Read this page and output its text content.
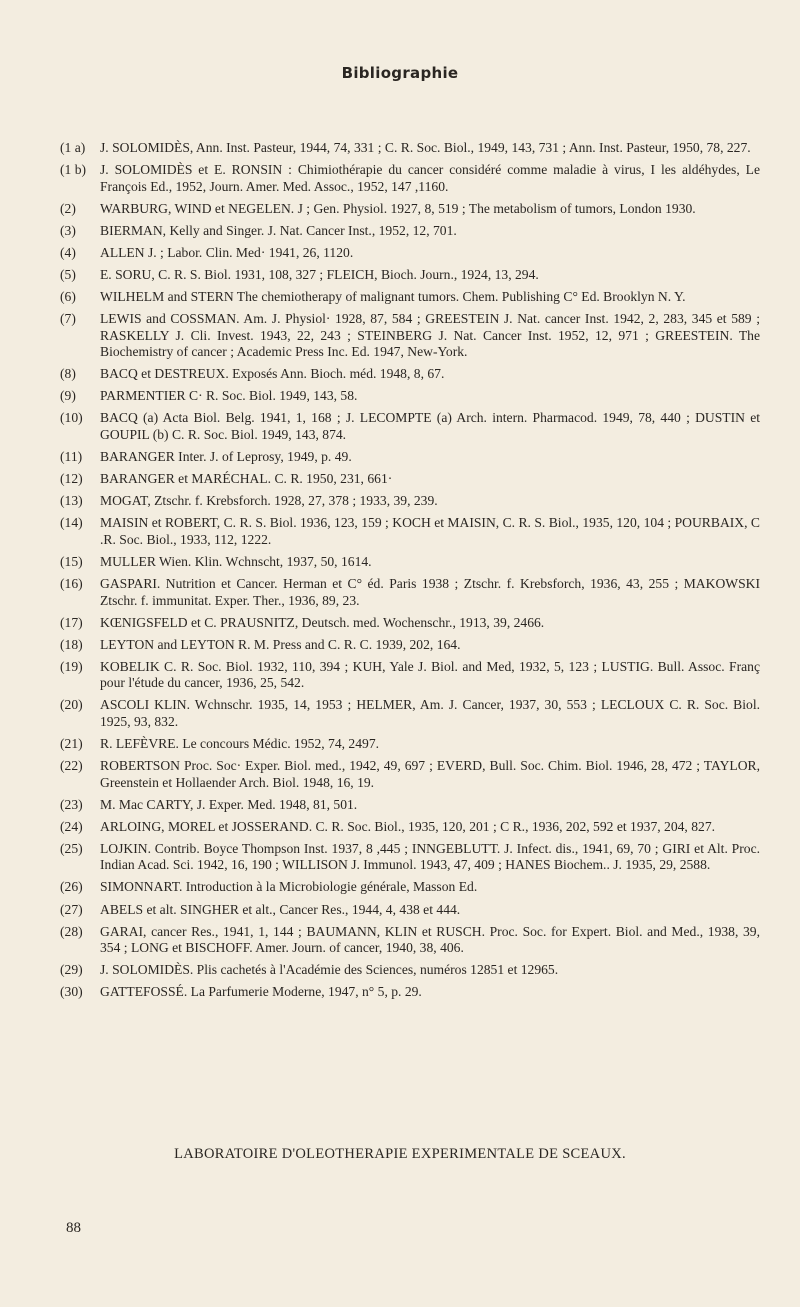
Bibliographie
(1 a)	J. SOLOMIDÈS, Ann. Inst. Pasteur, 1944, 74, 331 ; C. R. Soc. Biol., 1949, 143, 731 ; Ann. Inst. Pasteur, 1950, 78, 227.
(1 b)	J. SOLOMIDÈS et E. RONSIN : Chimiothérapie du cancer considéré comme maladie à virus, I les aldéhydes, Le François Ed., 1952, Journ. Amer. Med. Assoc., 1952, 147 ,1160.
(2)	WARBURG, WIND et NEGELEN. J ; Gen. Physiol. 1927, 8, 519 ; The metabolism of tumors, London 1930.
(3)	BIERMAN, Kelly and Singer. J. Nat. Cancer Inst., 1952, 12, 701.
(4)	ALLEN J. ; Labor. Clin. Med· 1941, 26, 1120.
(5)	E. SORU, C. R. S. Biol. 1931, 108, 327 ; FLEICH, Bioch. Journ., 1924, 13, 294.
(6)	WILHELM and STERN The chemiotherapy of malignant tumors. Chem. Publishing C° Ed. Brooklyn N. Y.
(7)	LEWIS and COSSMAN. Am. J. Physiol· 1928, 87, 584 ; GREESTEIN J. Nat. cancer Inst. 1942, 2, 283, 345 et 589 ; RASKELLY J. Cli. Invest. 1943, 22, 243 ; STEINBERG J. Nat. Cancer Inst. 1952, 12, 971 ; GREESTEIN. The Biochemistry of cancer ; Academic Press Inc. Ed. 1947, New-York.
(8)	BACQ et DESTREUX. Exposés Ann. Bioch. méd. 1948, 8, 67.
(9)	PARMENTIER C· R. Soc. Biol. 1949, 143, 58.
(10)	BACQ (a) Acta Biol. Belg. 1941, 1, 168 ; J. LECOMPTE (a) Arch. intern. Pharmacod. 1949, 78, 440 ; DUSTIN et GOUPIL (b) C. R. Soc. Biol. 1949, 143, 874.
(11)	BARANGER Inter. J. of Leprosy, 1949, p. 49.
(12)	BARANGER et MARÉCHAL. C. R. 1950, 231, 661·
(13)	MOGAT, Ztschr. f. Krebsforch. 1928, 27, 378 ; 1933, 39, 239.
(14)	MAISIN et ROBERT, C. R. S. Biol. 1936, 123, 159 ; KOCH et MAISIN, C. R. S. Biol., 1935, 120, 104 ; POURBAIX, C .R. Soc. Biol., 1933, 112, 1222.
(15)	MULLER Wien. Klin. Wchnscht, 1937, 50, 1614.
(16)	GASPARI. Nutrition et Cancer. Herman et C° éd. Paris 1938 ; Ztschr. f. Krebsforch, 1936, 43, 255 ; MAKOWSKI Ztschr. f. immunitat. Exper. Ther., 1936, 89, 23.
(17)	KŒNIGSFELD et C. PRAUSNITZ, Deutsch. med. Wochenschr., 1913, 39, 2466.
(18)	LEYTON and LEYTON R. M. Press and C. R. C. 1939, 202, 164.
(19)	KOBELIK C. R. Soc. Biol. 1932, 110, 394 ; KUH, Yale J. Biol. and Med, 1932, 5, 123 ; LUSTIG. Bull. Assoc. Franç pour l'étude du cancer, 1936, 25, 542.
(20)	ASCOLI KLIN. Wchnschr. 1935, 14, 1953 ; HELMER, Am. J. Cancer, 1937, 30, 553 ; LECLOUX C. R. Soc. Biol. 1925, 93, 832.
(21)	R. LEFÈVRE. Le concours Médic. 1952, 74, 2497.
(22)	ROBERTSON Proc. Soc· Exper. Biol. med., 1942, 49, 697 ; EVERD, Bull. Soc. Chim. Biol. 1946, 28, 472 ; TAYLOR, Greenstein et Hollaender Arch. Biol. 1948, 16, 19.
(23)	M. Mac CARTY, J. Exper. Med. 1948, 81, 501.
(24)	ARLOING, MOREL et JOSSERAND. C. R. Soc. Biol., 1935, 120, 201 ; C R., 1936, 202, 592 et 1937, 204, 827.
(25)	LOJKIN. Contrib. Boyce Thompson Inst. 1937, 8 ,445 ; INNGEBLUTT. J. Infect. dis., 1941, 69, 70 ; GIRI et Alt. Proc. Indian Acad. Sci. 1942, 16, 190 ; WILLISON J. Immunol. 1943, 47, 409 ; HANES Biochem.. J. 1935, 29, 2588.
(26)	SIMONNART. Introduction à la Microbiologie générale, Masson Ed.
(27)	ABELS et alt. SINGHER et alt., Cancer Res., 1944, 4, 438 et 444.
(28)	GARAI, cancer Res., 1941, 1, 144 ; BAUMANN, KLIN et RUSCH. Proc. Soc. for Expert. Biol. and Med., 1938, 39, 354 ; LONG et BISCHOFF. Amer. Journ. of cancer, 1940, 38, 406.
(29)	J. SOLOMIDÈS. Plis cachetés à l'Académie des Sciences, numéros 12851 et 12965.
(30)	GATTEFOSSÉ. La Parfumerie Moderne, 1947, n° 5, p. 29.
LABORATOIRE D'OLEOTHERAPIE EXPERIMENTALE DE SCEAUX.
88
